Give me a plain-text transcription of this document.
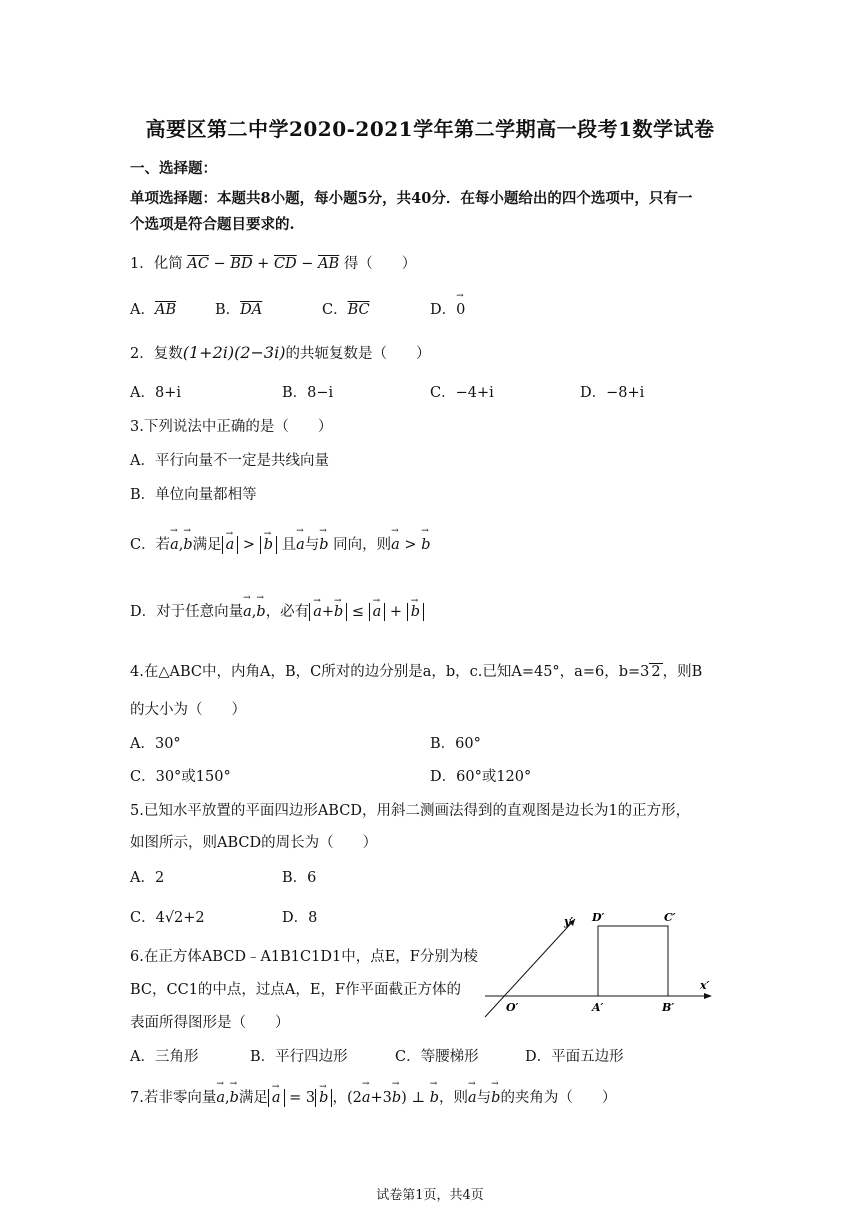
高要区第二中学2020-2021学年第二学期高一段考1数学试卷
一、选择题：
单项选择题：本题共8小题，每小题5分，共40分．在每小题给出的四个选项中，只有一
个选项是符合题目要求的.
1．化简 $\overline{AC} - \overline{BD} + \overline{CD} - \overline{AB}$ 得（　　）
A．$\overline{AB}$	B．$\overline{DA}$	C．$\overline{BC}$	D．→ 0
2．复数(1+2i)(2−3i)的共轭复数是（　　）
A．8+i	B．8−i	C．−4+i	D．−8+i
3.下列说法中正确的是（　　）
A．平行向量不一定是共线向量
B．单位向量都相等
C．若→ a,→ b满足 → a > → b 且→ a与→ b 同向，则→ a > → b
D．对于任意向量→ a,→ b，必有 → a+→ b ≤ → a + → b
4.在△ABC中，内角A，B，C所对的边分别是a，b，c.已知A=45°，a=6，b=3 2 ，则B
的大小为（　　）
A．30°	B．60°
C．30°或150°	D．60°或120°
5.已知水平放置的平面四边形ABCD，用斜二测画法得到的直观图是边长为1的正方形，
如图所示，则ABCD的周长为（　　）
A．2	B．6
C．4√2+2	D．8
6.在正方体ABCD﹣A1B1C1D1中，点E，F分别为棱
BC，CC1的中点，过点A，E，F作平面截正方体的
表面所得图形是（　　）
A．三角形	B．平行四边形	C．等腰梯形	D．平面五边形
7.若非零向量→ a,→ b满足 → a = 3 → b ，(2→ a+3→ b) ⊥ → b，则→ a与→ b的夹角为（　　）
y′ D′	C′
x′
O′	A′	B′
试卷第1页，共4页
